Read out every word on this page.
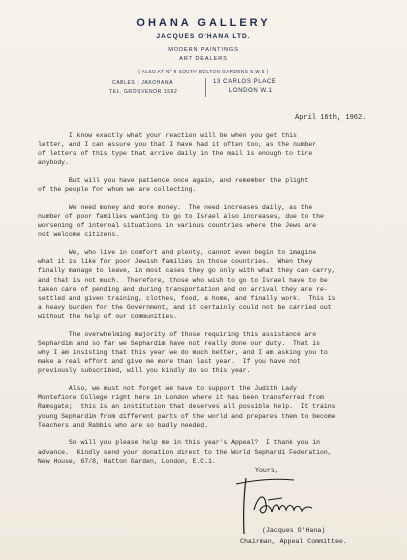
OHANA GALLERY
JACQUES O'HANA LTD.
MODERN PAINTINGS
ART DEALERS
( ALSO AT Nº 9 SOUTH BOLTON GARDENS S.W.5 )
CABLES : JAKOHANA
TEL. GROSVENOR 1562
13 CARLOS PLACE
LONDON W.1
April 16th, 1962.

I know exactly what your reaction will be when you get this
letter, and I can assure you that I have had it often too, as the number
of letters of this type that arrive daily in the mail is enough to tire
anybody.

But will you have patience once again, and remember the plight
of the people for whom we are collecting.

We need money and more money.  The need increases daily, as the
number of poor families wanting to go to Israel also increases, due to the
worsening of internal situations in various countries where the Jews are
not welcome citizens.

We, who live in comfort and plenty, cannot even begin to imagine
what it is like for poor Jewish families in those countries.  When they
finally manage to leave, in most cases they go only with what they can carry,
and that is not much.  Therefore, those who wish to go to Israel have to be
taken care of pending and during transportation and on arrival they are re-
settled and given training, clothes, food, a home, and finally work.  This is
a heavy burden for the Government, and it certainly could not be carried out
without the help of our communities.

The overwhelming majority of those requiring this assistance are
Sephardim and so far we Sephardim have not really done our duty.  That is
why I am insisting that this year we do much better, and I am asking you to
make a real effort and give me more than last year.  If you have not
previously subscribed, will you kindly do so this year.

Also, we must not forget we have to support the Judith Lady
Montefiore College right here in London where it has been transferred from
Ramsgate;  this is an institution that deserves all possible help.  It trains
young Sephardim from different parts of the world and prepares them to become
Teachers and Rabbis who are so badly needed.

So will you please help me in this year's Appeal?  I thank you in
advance.  Kindly send your donation direct to the World Sephardi Federation,
New House, 67/8, Hatton Garden, London, E.C.1.

Yours,
(Jacques O'Hana)
Chairman, Appeal Committee.
